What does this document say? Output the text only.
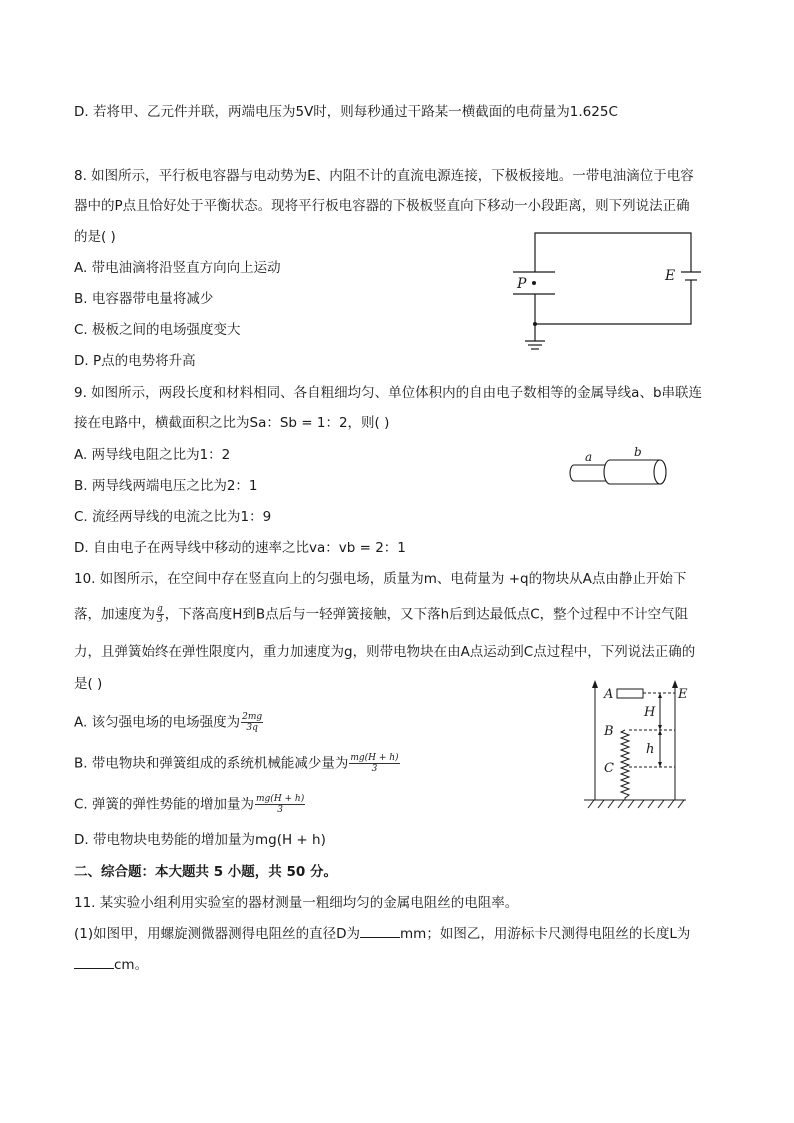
D. 若将甲、乙元件并联，两端电压为5V时，则每秒通过干路某一横截面的电荷量为1.625C
8. 如图所示，平行板电容器与电动势为E、内阻不计的直流电源连接，下极板接地。一带电油滴位于电容
器中的P点且恰好处于平衡状态。现将平行板电容器的下极板竖直向下移动一小段距离，则下列说法正确
的是( )
A. 带电油滴将沿竖直方向向上运动
B. 电容器带电量将减少
C. 极板之间的电场强度变大
D. P点的电势将升高
P	E
9. 如图所示，两段长度和材料相同、各自粗细均匀、单位体积内的自由电子数相等的金属导线a、b串联连
接在电路中，横截面积之比为Sa：Sb = 1：2，则( )
A. 两导线电阻之比为1：2
B. 两导线两端电压之比为2：1
C. 流经两导线的电流之比为1：9
D. 自由电子在两导线中移动的速率之比va：vb = 2：1
a	b
10. 如图所示，在空间中存在竖直向上的匀强电场，质量为m、电荷量为 +q的物块从A点由静止开始下
落，加速度为 $\frac{g}{3}$ ，下落高度H到B点后与一轻弹簧接触，又下落h后到达最低点C，整个过程中不计空气阻
力，且弹簧始终在弹性限度内，重力加速度为g，则带电物块在由A点运动到C点过程中，下列说法正确的
是( )
A. 该匀强电场的电场强度为 $\frac{2mg}{3q}$
B. 带电物块和弹簧组成的系统机械能减少量为 $\frac{mg(H + h)}{3}$
C. 弹簧的弹性势能的增加量为 $\frac{mg(H + h)}{3}$
D. 带电物块电势能的增加量为mg(H + h)
A
B
C
E
H
h
二、综合题：本大题共 5 小题，共 50 分。
11. 某实验小组利用实验室的器材测量一粗细均匀的金属电阻丝的电阻率。
(1)如图甲，用螺旋测微器测得电阻丝的直径D为	mm；如图乙，用游标卡尺测得电阻丝的长度L为
cm。
